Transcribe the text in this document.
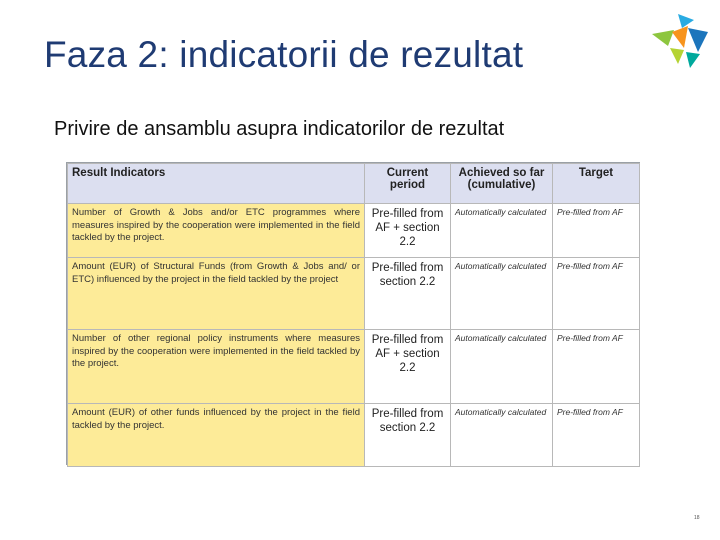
Faza 2: indicatorii de rezultat
Privire de ansamblu asupra indicatorilor de rezultat
Result Indicators	Current period	Achieved so far (cumulative)	Target
Number of Growth & Jobs and/or ETC programmes where measures inspired by the cooperation were implemented in the field tackled by the project.	Pre-filled from AF + section 2.2	Automatically calculated	Pre-filled from AF
Amount (EUR) of Structural Funds (from Growth & Jobs and/ or ETC) influenced by the project in the field tackled by the project	Pre-filled from section 2.2	Automatically calculated	Pre-filled from AF
Number of other regional policy instruments where measures inspired by the cooperation were implemented in the field tackled by the project.	Pre-filled from AF + section 2.2	Automatically calculated	Pre-filled from AF
Amount (EUR) of other funds influenced by the project in the field tackled by the project.	Pre-filled from section 2.2	Automatically calculated	Pre-filled from AF
18
